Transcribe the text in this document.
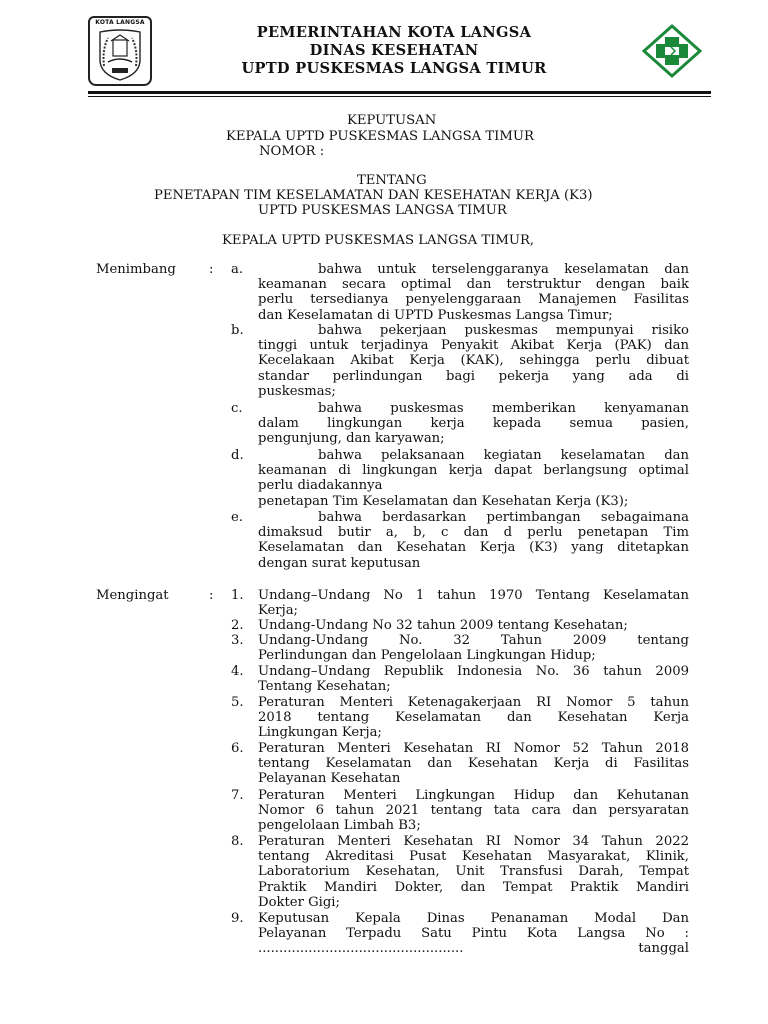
KOTA LANGSA
PEMERINTAHAN KOTA LANGSA
DINAS KESEHATAN
UPTD PUSKESMAS LANGSA TIMUR
KEPUTUSAN
KEPALA UPTD PUSKESMAS LANGSA TIMUR
NOMOR :
TENTANG
PENETAPAN TIM KESELAMATAN DAN KESEHATAN KERJA (K3)
UPTD PUSKESMAS LANGSA TIMUR
KEPALA UPTD PUSKESMAS LANGSA TIMUR,
Menimbang	: a.	bahwa untuk terselenggaranya keselamatan dan
keamanan secara optimal dan terstruktur dengan baik
perlu tersedianya penyelenggaraan Manajemen Fasilitas
dan Keselamatan di UPTD Puskesmas Langsa Timur;
b.	bahwa pekerjaan puskesmas mempunyai risiko
tinggi untuk terjadinya Penyakit Akibat Kerja (PAK) dan
Kecelakaan Akibat Kerja (KAK), sehingga perlu dibuat
standar perlindungan bagi pekerja yang ada di
puskesmas;
c.	bahwa puskesmas memberikan kenyamanan
dalam lingkungan kerja kepada semua pasien,
pengunjung, dan karyawan;
d.	bahwa pelaksanaan kegiatan keselamatan dan
keamanan di lingkungan kerja dapat berlangsung optimal
perlu diadakannya
penetapan Tim Keselamatan dan Kesehatan Kerja (K3);
e.	bahwa berdasarkan pertimbangan sebagaimana
dimaksud butir a, b, c dan d perlu penetapan Tim
Keselamatan dan Kesehatan Kerja (K3) yang ditetapkan
dengan surat keputusan
Mengingat	: 1. Undang–Undang No 1 tahun 1970 Tentang Keselamatan
Kerja;
2. Undang-Undang No 32 tahun 2009 tentang Kesehatan;
3. Undang-Undang No. 32 Tahun 2009 tentang
Perlindungan dan Pengelolaan Lingkungan Hidup;
4. Undang–Undang Republik Indonesia No. 36 tahun 2009
Tentang Kesehatan;
5. Peraturan Menteri Ketenagakerjaan RI Nomor 5 tahun
2018 tentang Keselamatan dan Kesehatan Kerja
Lingkungan Kerja;
6. Peraturan Menteri Kesehatan RI Nomor 52 Tahun 2018
tentang Keselamatan dan Kesehatan Kerja di Fasilitas
Pelayanan Kesehatan
7. Peraturan Menteri Lingkungan Hidup dan Kehutanan
Nomor 6 tahun 2021 tentang tata cara dan persyaratan
pengelolaan Limbah B3;
8. Peraturan Menteri Kesehatan RI Nomor 34 Tahun 2022
tentang Akreditasi Pusat Kesehatan Masyarakat, Klinik,
Laboratorium Kesehatan, Unit Transfusi Darah, Tempat
Praktik Mandiri Dokter, dan Tempat Praktik Mandiri
Dokter Gigi;
9. Keputusan Kepala Dinas Penanaman Modal Dan
Pelayanan Terpadu Satu Pintu Kota Langsa No :
................................................. tanggal
